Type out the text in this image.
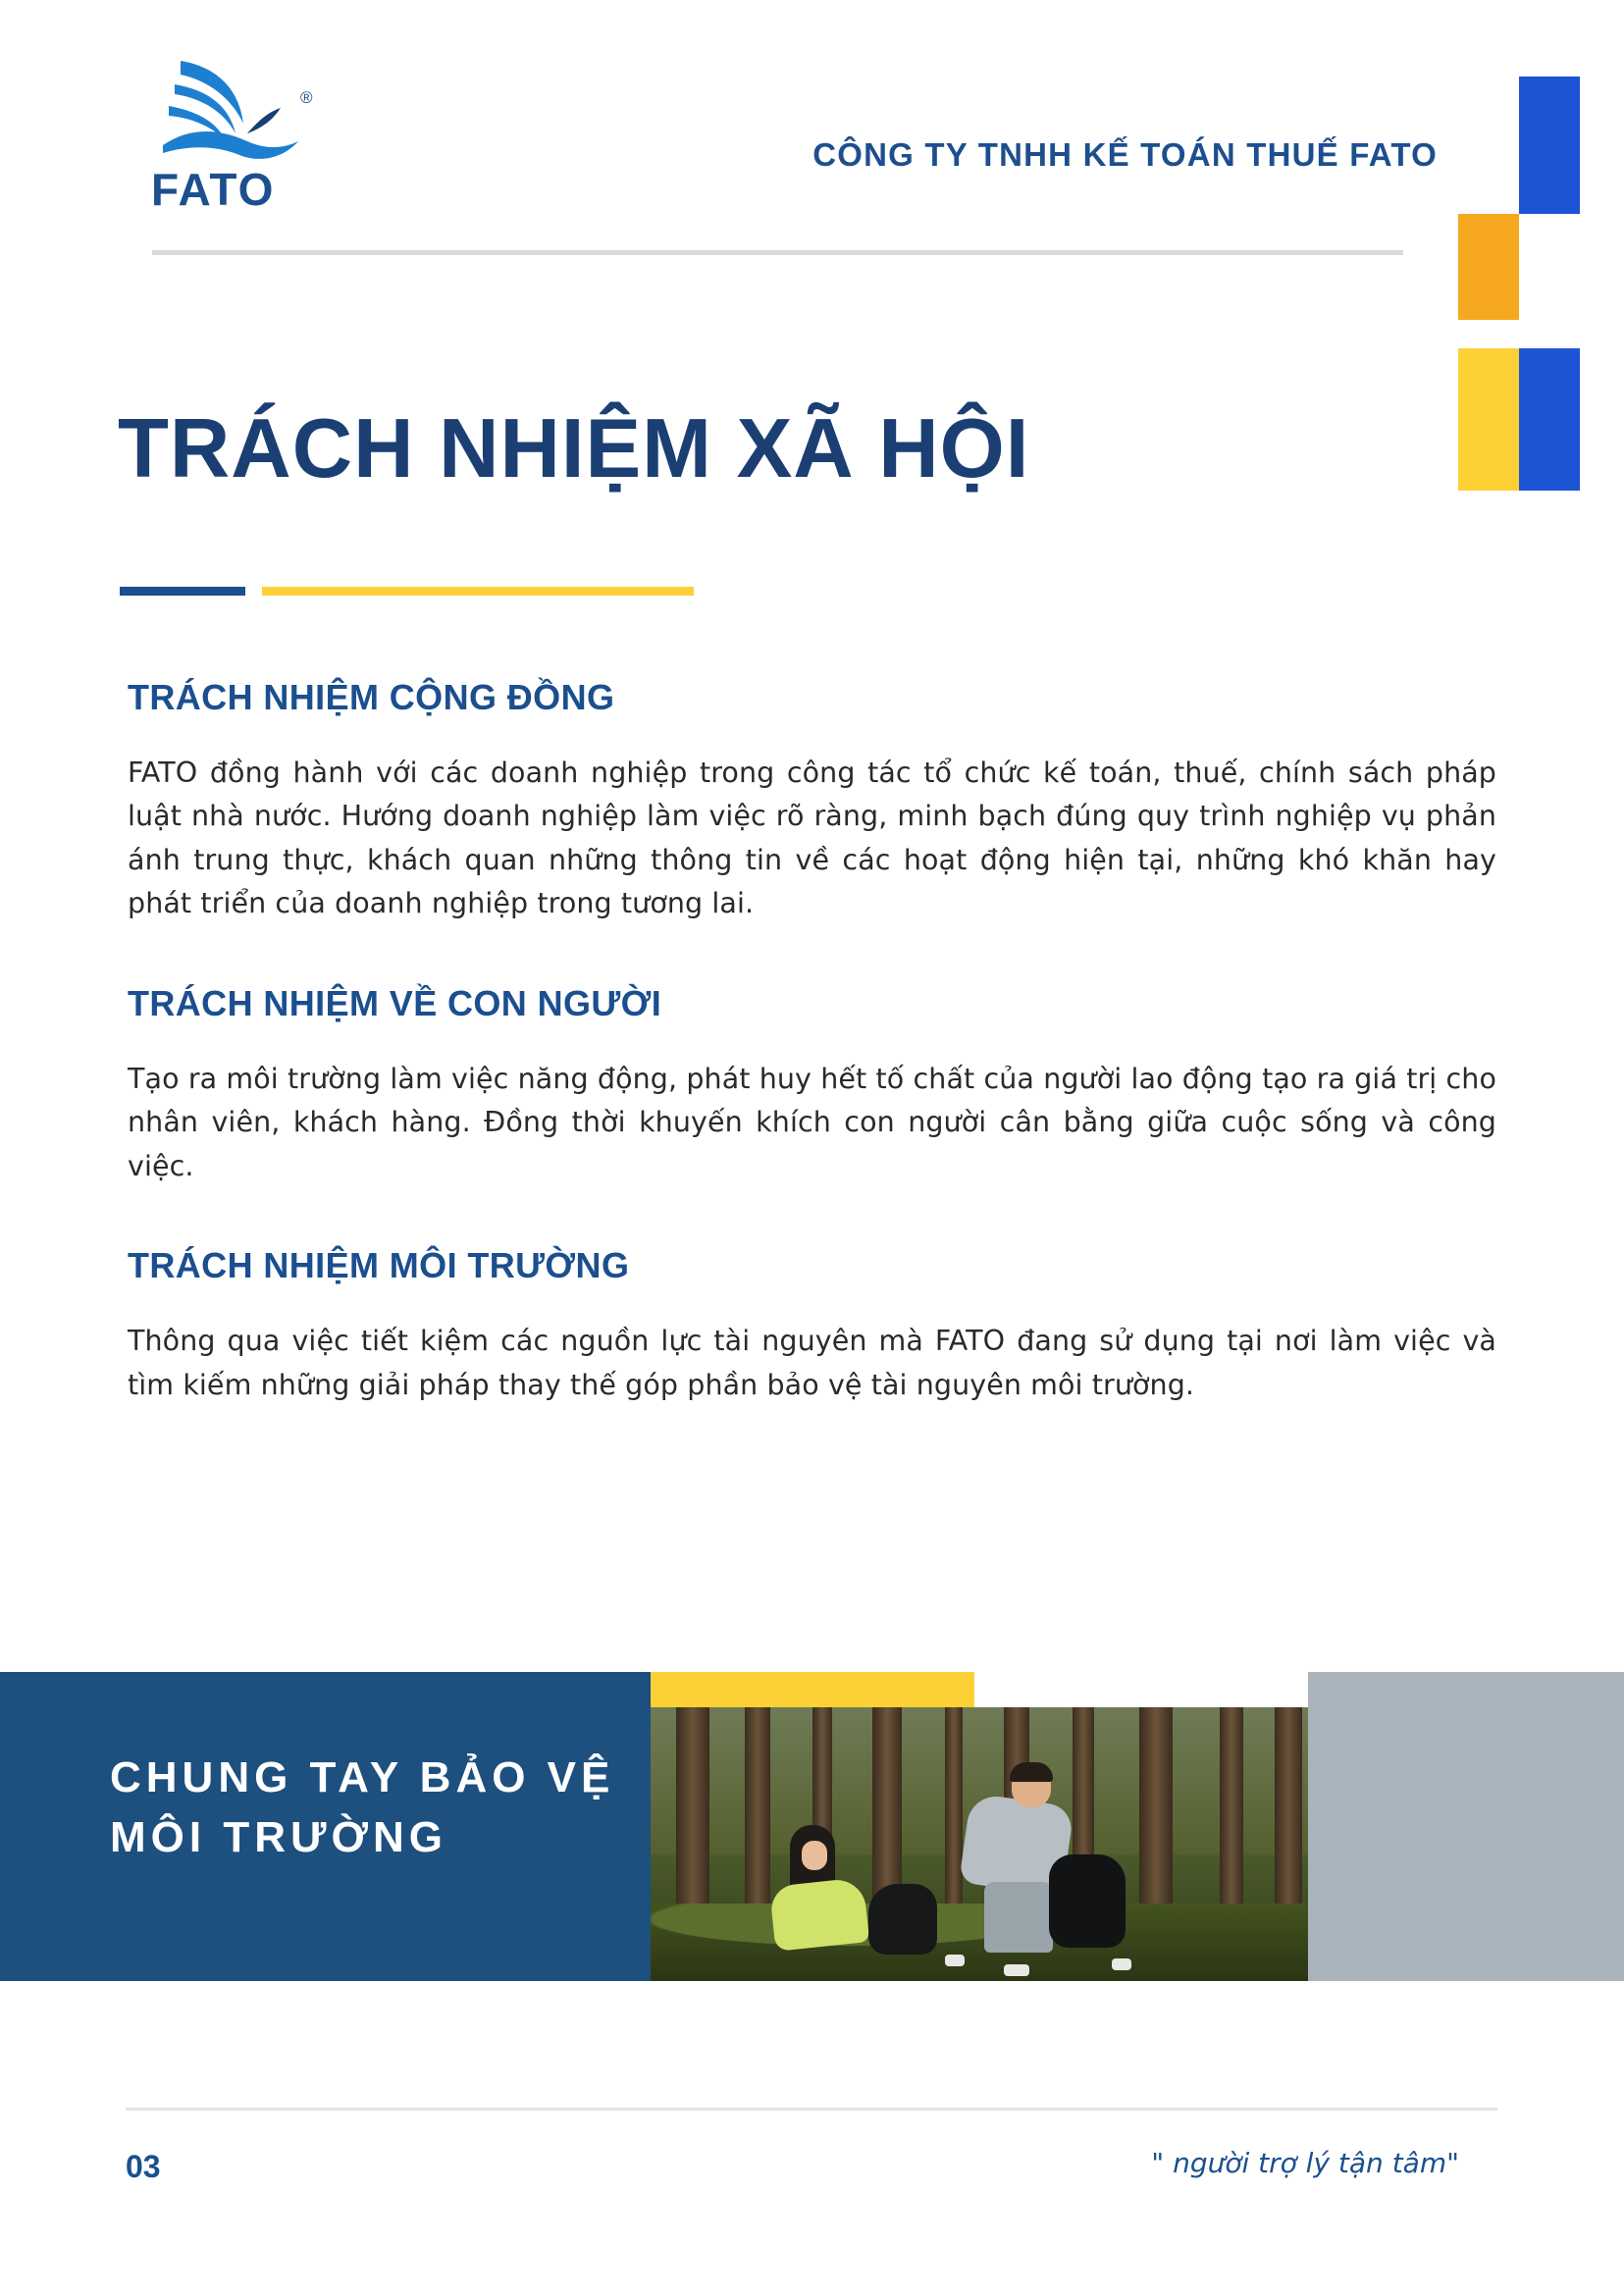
®
FATO
CÔNG TY TNHH KẾ TOÁN THUẾ FATO
TRÁCH NHIỆM XÃ HỘI
TRÁCH NHIỆM CỘNG ĐỒNG

FATO đồng hành với các doanh nghiệp trong công tác tổ chức kế toán, thuế, chính sách pháp luật nhà nước. Hướng doanh nghiệp làm việc rõ ràng, minh bạch đúng quy trình nghiệp vụ phản ánh trung thực, khách quan những thông tin về các hoạt động hiện tại, những khó khăn hay phát triển của doanh nghiệp trong tương lai.

TRÁCH NHIỆM VỀ CON NGƯỜI

Tạo ra môi trường làm việc năng động, phát huy hết tố chất của người lao động tạo ra giá trị cho nhân viên, khách hàng. Đồng thời khuyến khích con người cân bằng giữa cuộc sống và công việc.

TRÁCH NHIỆM MÔI TRƯỜNG

Thông qua việc tiết kiệm các nguồn lực tài nguyên mà FATO đang sử dụng tại nơi làm việc và tìm kiếm những giải pháp thay thế góp phần bảo vệ tài nguyên môi trường.

CHUNG TAY BẢO VỆ MÔI TRƯỜNG
03	" người trợ lý tận tâm"
